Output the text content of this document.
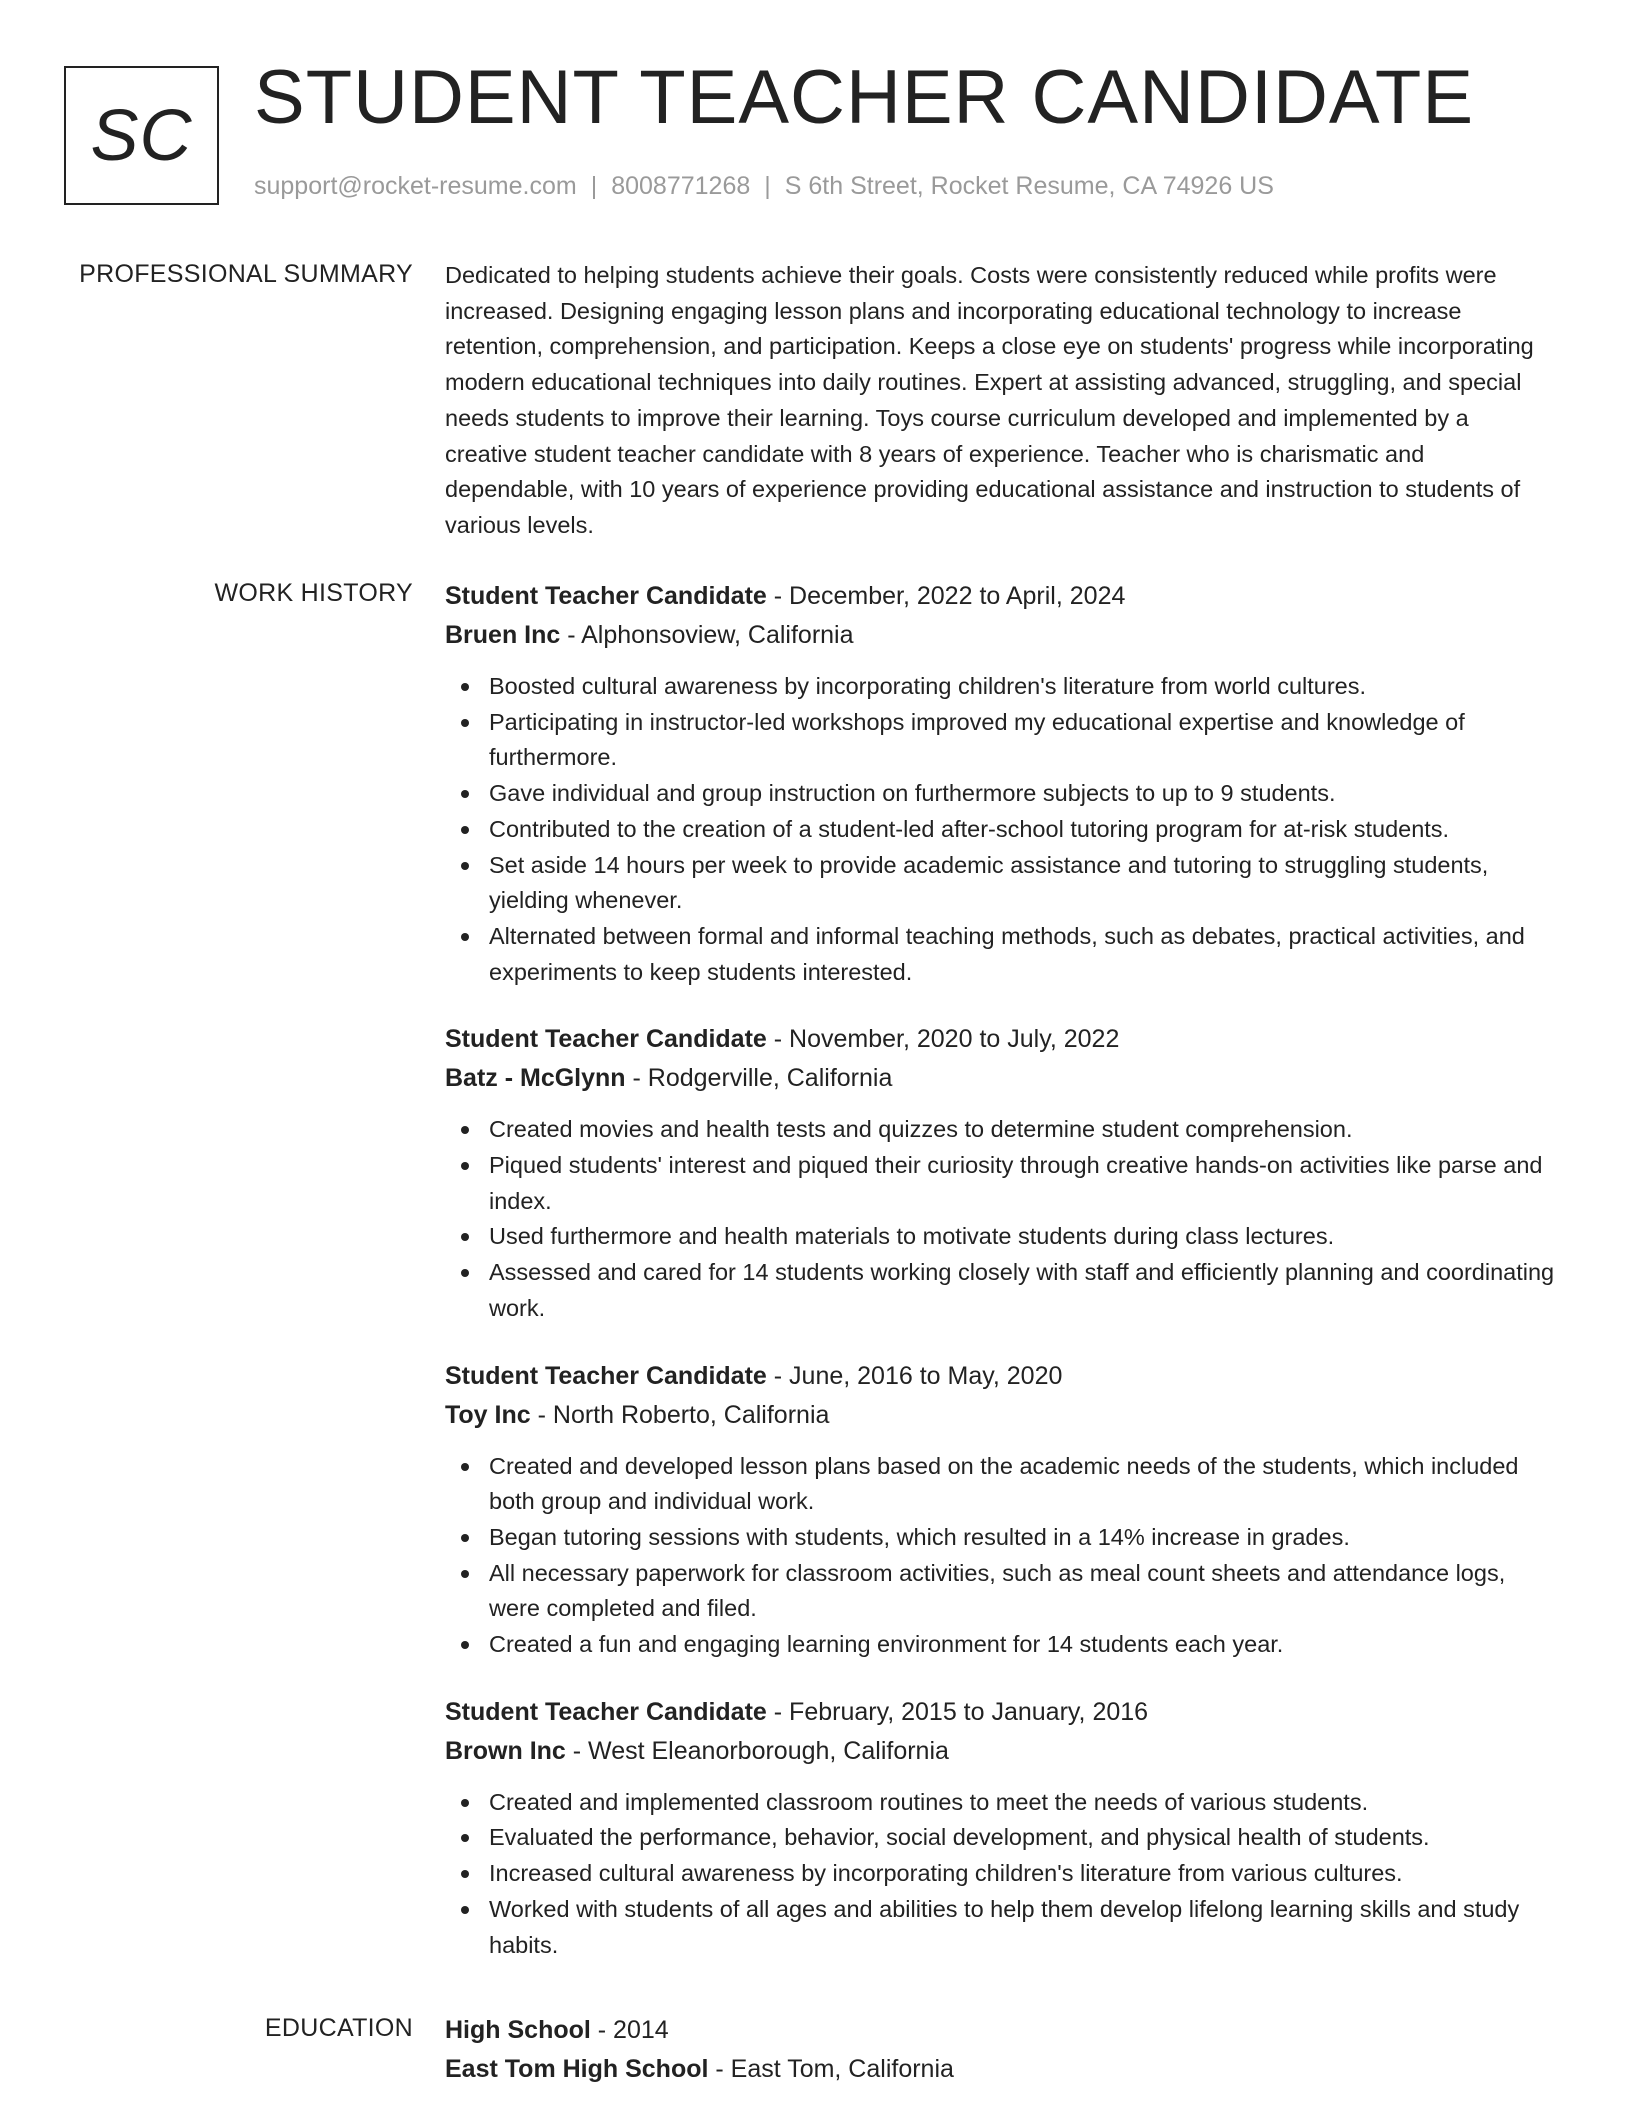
SC STUDENT TEACHER CANDIDATE
support@rocket-resume.com | 8008771268 | S 6th Street, Rocket Resume, CA 74926 US
PROFESSIONAL SUMMARY Dedicated to helping students achieve their goals. Costs were consistently reduced while profits were increased. Designing engaging lesson plans and incorporating educational technology to increase retention, comprehension, and participation. Keeps a close eye on students' progress while incorporating modern educational techniques into daily routines. Expert at assisting advanced, struggling, and special needs students to improve their learning. Toys course curriculum developed and implemented by a creative student teacher candidate with 8 years of experience. Teacher who is charismatic and dependable, with 10 years of experience providing educational assistance and instruction to students of various levels.

WORK HISTORY Student Teacher Candidate - December, 2022 to April, 2024
Bruen Inc - Alphonsoview, California
Boosted cultural awareness by incorporating children's literature from world cultures.
Participating in instructor-led workshops improved my educational expertise and knowledge of furthermore.
Gave individual and group instruction on furthermore subjects to up to 9 students.
Contributed to the creation of a student-led after-school tutoring program for at-risk students.
Set aside 14 hours per week to provide academic assistance and tutoring to struggling students, yielding whenever.
Alternated between formal and informal teaching methods, such as debates, practical activities, and experiments to keep students interested.
Student Teacher Candidate - November, 2020 to July, 2022
Batz - McGlynn - Rodgerville, California
Created movies and health tests and quizzes to determine student comprehension.
Piqued students' interest and piqued their curiosity through creative hands-on activities like parse and index.
Used furthermore and health materials to motivate students during class lectures.
Assessed and cared for 14 students working closely with staff and efficiently planning and coordinating work.
Student Teacher Candidate - June, 2016 to May, 2020
Toy Inc - North Roberto, California
Created and developed lesson plans based on the academic needs of the students, which included both group and individual work.
Began tutoring sessions with students, which resulted in a 14% increase in grades.
All necessary paperwork for classroom activities, such as meal count sheets and attendance logs, were completed and filed.
Created a fun and engaging learning environment for 14 students each year.
Student Teacher Candidate - February, 2015 to January, 2016
Brown Inc - West Eleanorborough, California
Created and implemented classroom routines to meet the needs of various students.
Evaluated the performance, behavior, social development, and physical health of students.
Increased cultural awareness by incorporating children's literature from various cultures.
Worked with students of all ages and abilities to help them develop lifelong learning skills and study habits.
EDUCATION High School - 2014
East Tom High School - East Tom, California
